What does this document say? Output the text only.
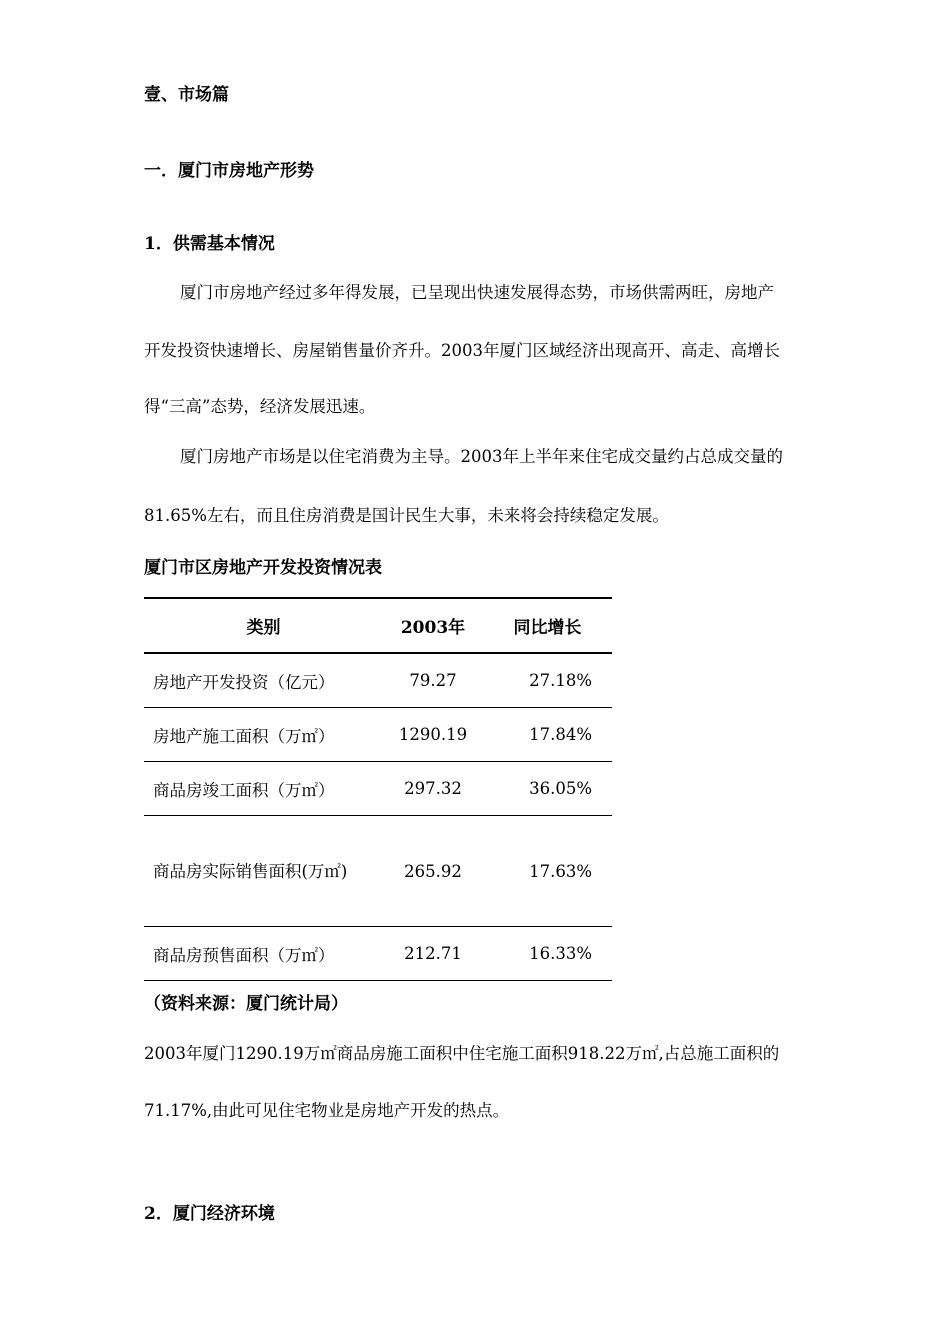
壹、市场篇
一．厦门市房地产形势
1．供需基本情况
厦门市房地产经过多年得发展，已呈现出快速发展得态势，市场供需两旺，房地产
开发投资快速增长、房屋销售量价齐升。2003年厦门区域经济出现高开、高走、高增长
得“三高”态势，经济发展迅速。
厦门房地产市场是以住宅消费为主导。2003年上半年来住宅成交量约占总成交量的
81.65%左右，而且住房消费是国计民生大事，未来将会持续稳定发展。
厦门市区房地产开发投资情况表
类别	2003年	同比增长
房地产开发投资（亿元）	79.27	27.18%
房地产施工面积（万㎡）	1290.19	17.84%
商品房竣工面积（万㎡）	297.32	36.05%
商品房实际销售面积(万㎡)	265.92	17.63%
商品房预售面积（万㎡）	212.71	16.33%
（资料来源：厦门统计局）
2003年厦门1290.19万㎡商品房施工面积中住宅施工面积918.22万㎡,占总施工面积的
71.17%,由此可见住宅物业是房地产开发的热点。
2．厦门经济环境
